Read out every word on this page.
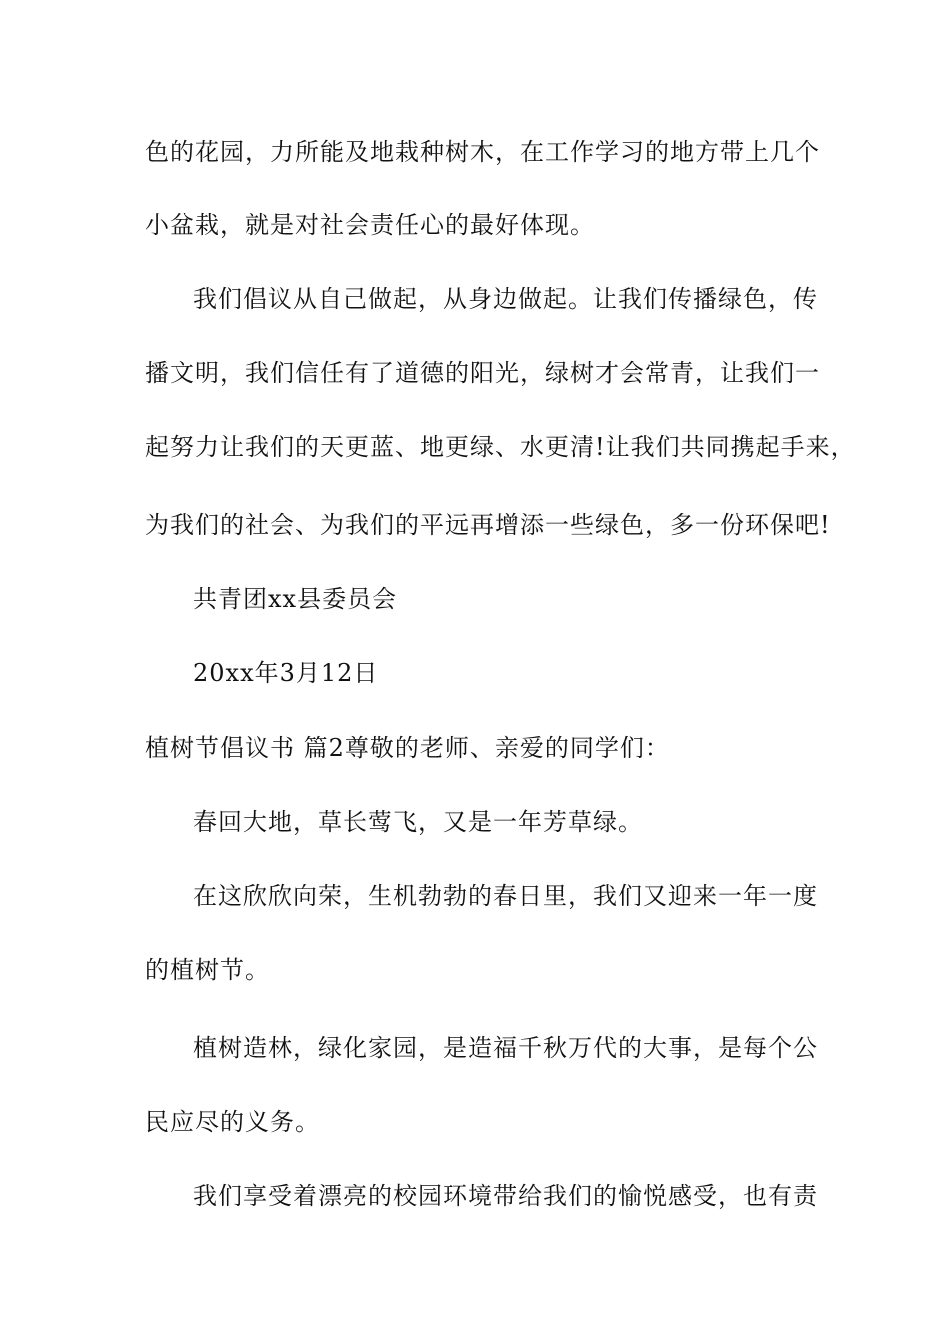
色的花园，力所能及地栽种树木，在工作学习的地方带上几个
小盆栽，就是对社会责任心的最好体现。
我们倡议从自己做起，从身边做起。让我们传播绿色，传
播文明，我们信任有了道德的阳光，绿树才会常青，让我们一
起努力让我们的天更蓝、地更绿、水更清!让我们共同携起手来，
为我们的社会、为我们的平远再增添一些绿色，多一份环保吧!
共青团xx县委员会
20xx年3月12日
植树节倡议书 篇2尊敬的老师、亲爱的同学们：
春回大地，草长莺飞，又是一年芳草绿。
在这欣欣向荣，生机勃勃的春日里，我们又迎来一年一度
的植树节。
植树造林，绿化家园，是造福千秋万代的大事，是每个公
民应尽的义务。
我们享受着漂亮的校园环境带给我们的愉悦感受，也有责
